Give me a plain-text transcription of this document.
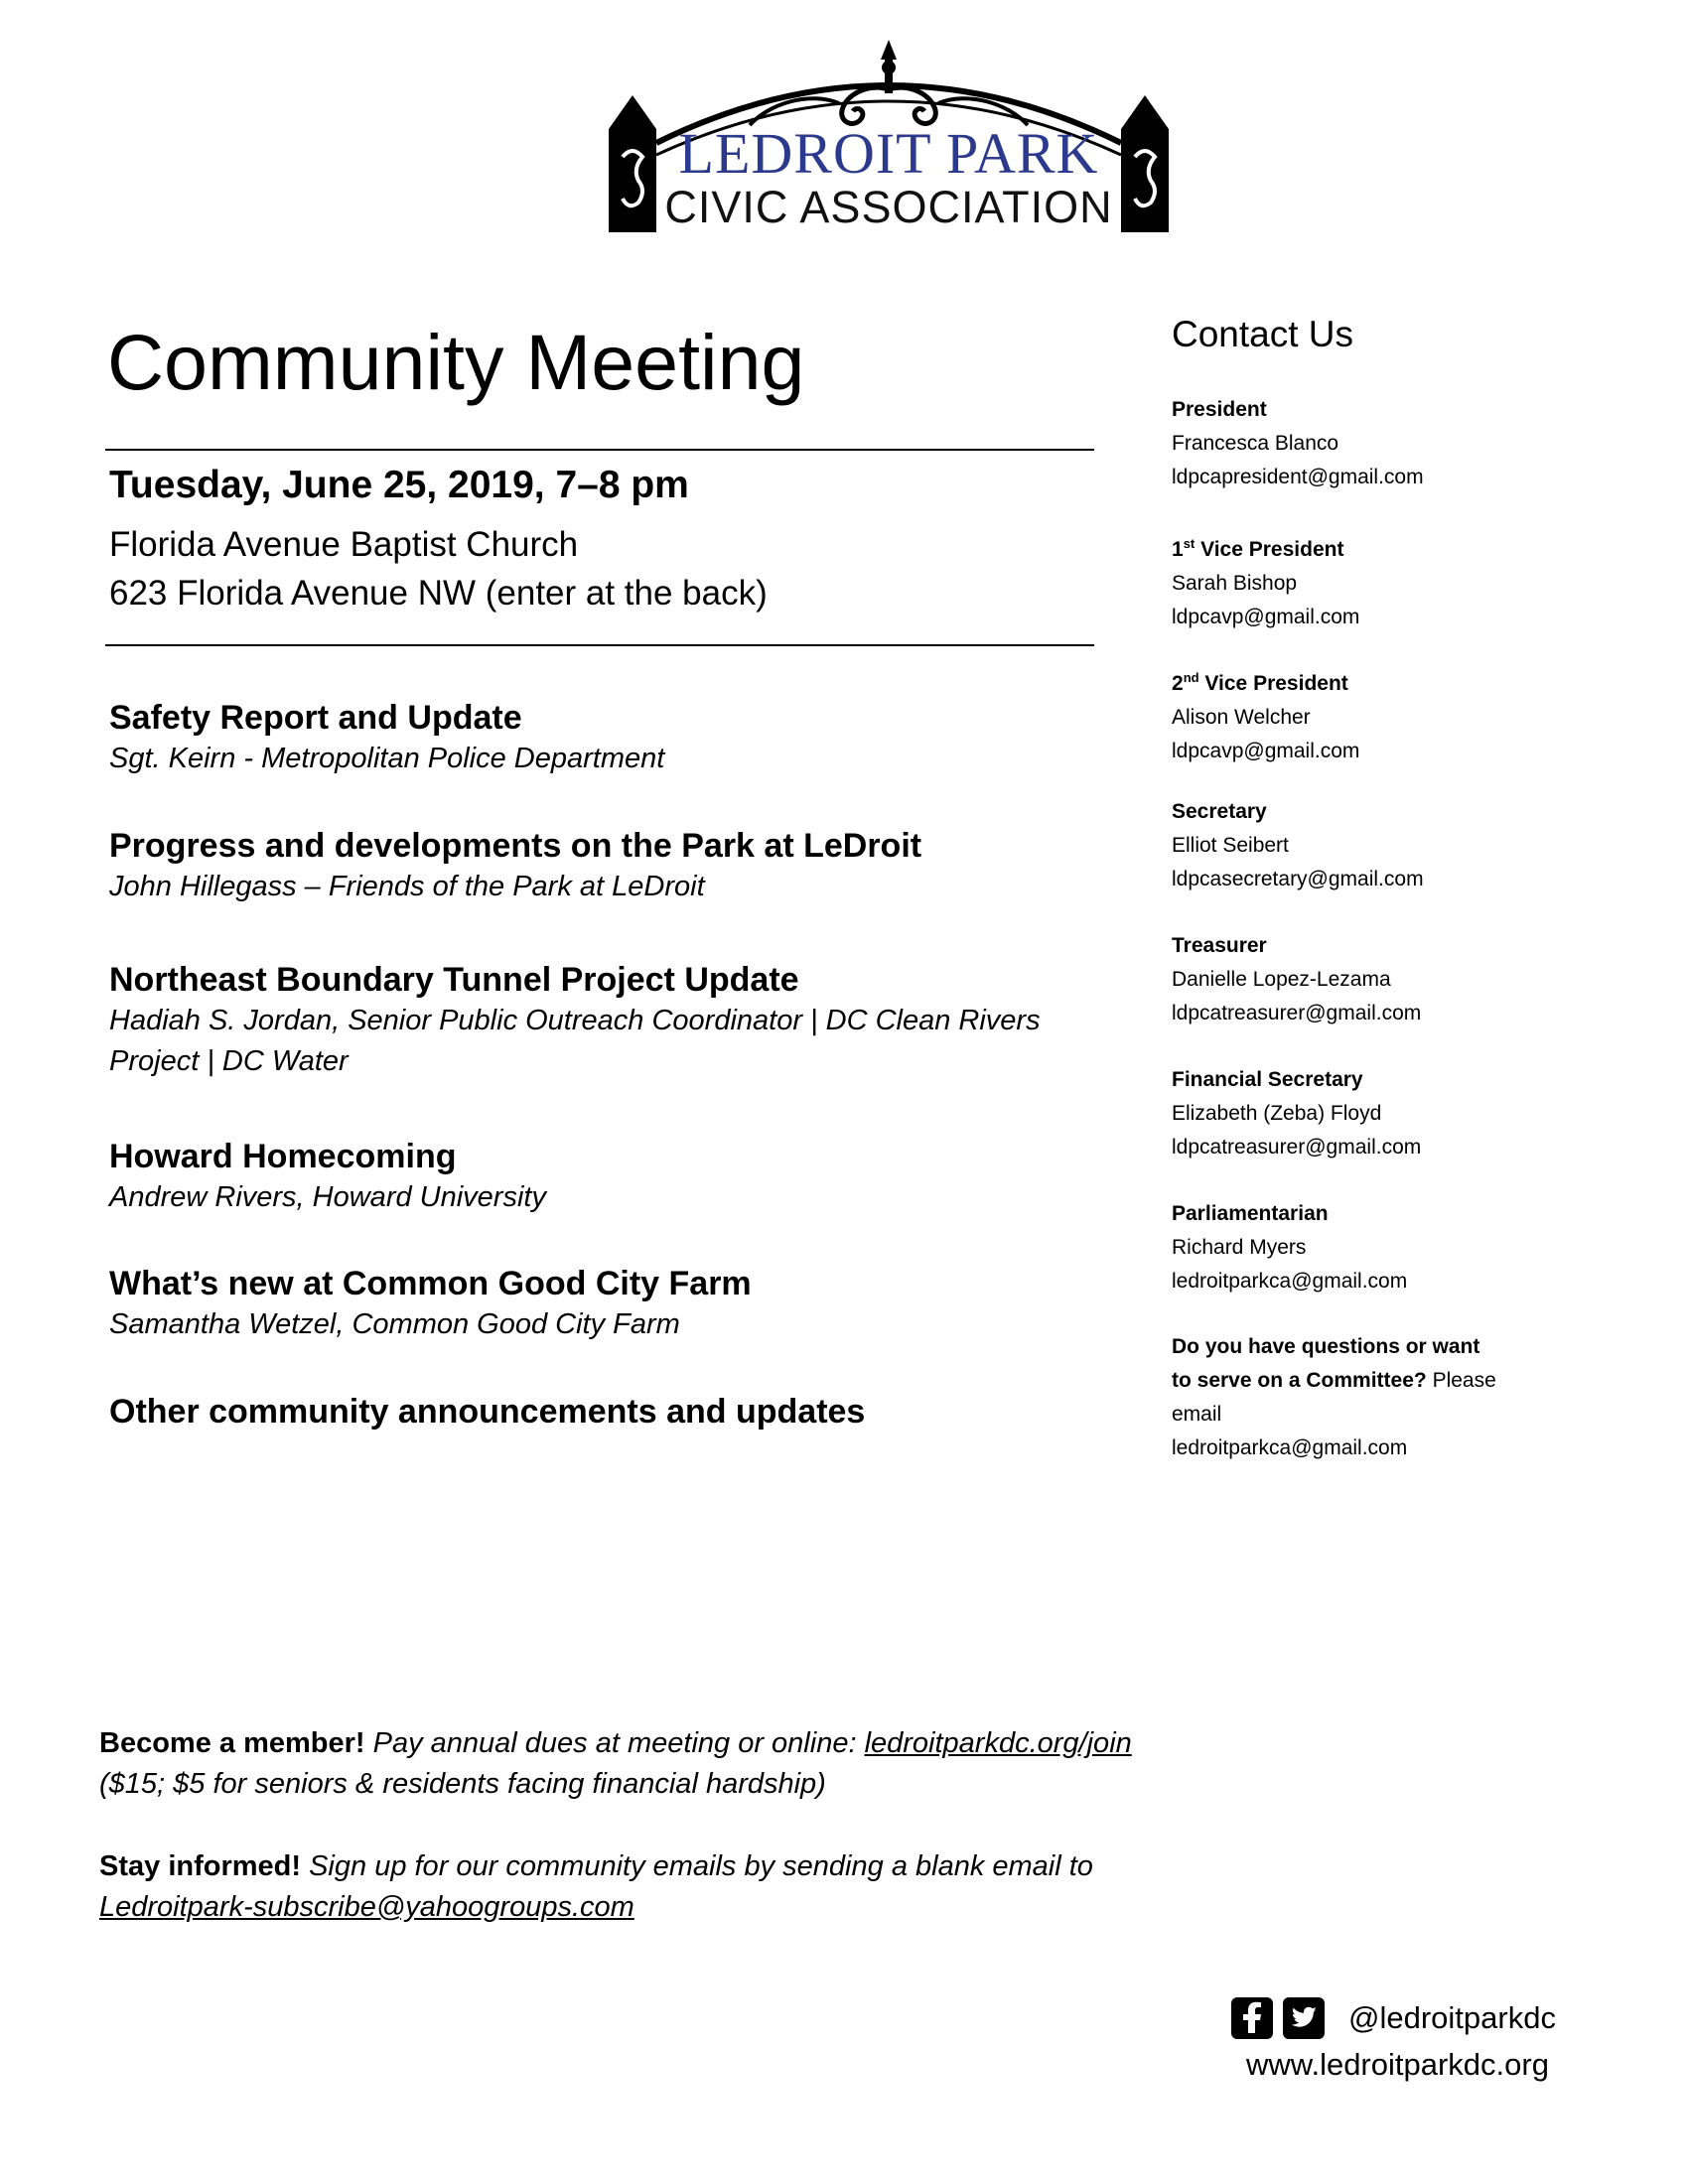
LEDROIT PARK
CIVIC ASSOCIATION
Community Meeting
Tuesday, June 25, 2019, 7–8 pm
Florida Avenue Baptist Church
623 Florida Avenue NW (enter at the back)
Safety Report and Update
Sgt. Keirn - Metropolitan Police Department
Progress and developments on the Park at LeDroit
John Hillegass – Friends of the Park at LeDroit
Northeast Boundary Tunnel Project Update
Hadiah S. Jordan, Senior Public Outreach Coordinator | DC Clean Rivers Project | DC Water
Howard Homecoming
Andrew Rivers, Howard University
What’s new at Common Good City Farm
Samantha Wetzel, Common Good City Farm
Other community announcements and updates
Contact Us
President
Francesca Blanco
ldpcapresident@gmail.com
1st Vice President
Sarah Bishop
ldpcavp@gmail.com
2nd Vice President
Alison Welcher
ldpcavp@gmail.com
Secretary
Elliot Seibert
ldpcasecretary@gmail.com
Treasurer
Danielle Lopez-Lezama
ldpcatreasurer@gmail.com
Financial Secretary
Elizabeth (Zeba) Floyd
ldpcatreasurer@gmail.com
Parliamentarian
Richard Myers
ledroitparkca@gmail.com
Do you have questions or want to serve on a Committee? Please email
ledroitparkca@gmail.com
Become a member! Pay annual dues at meeting or online: ledroitparkdc.org/join
($15; $5 for seniors & residents facing financial hardship)
Stay informed! Sign up for our community emails by sending a blank email to
Ledroitpark-subscribe@yahoogroups.com
@ledroitparkdc
www.ledroitparkdc.org
